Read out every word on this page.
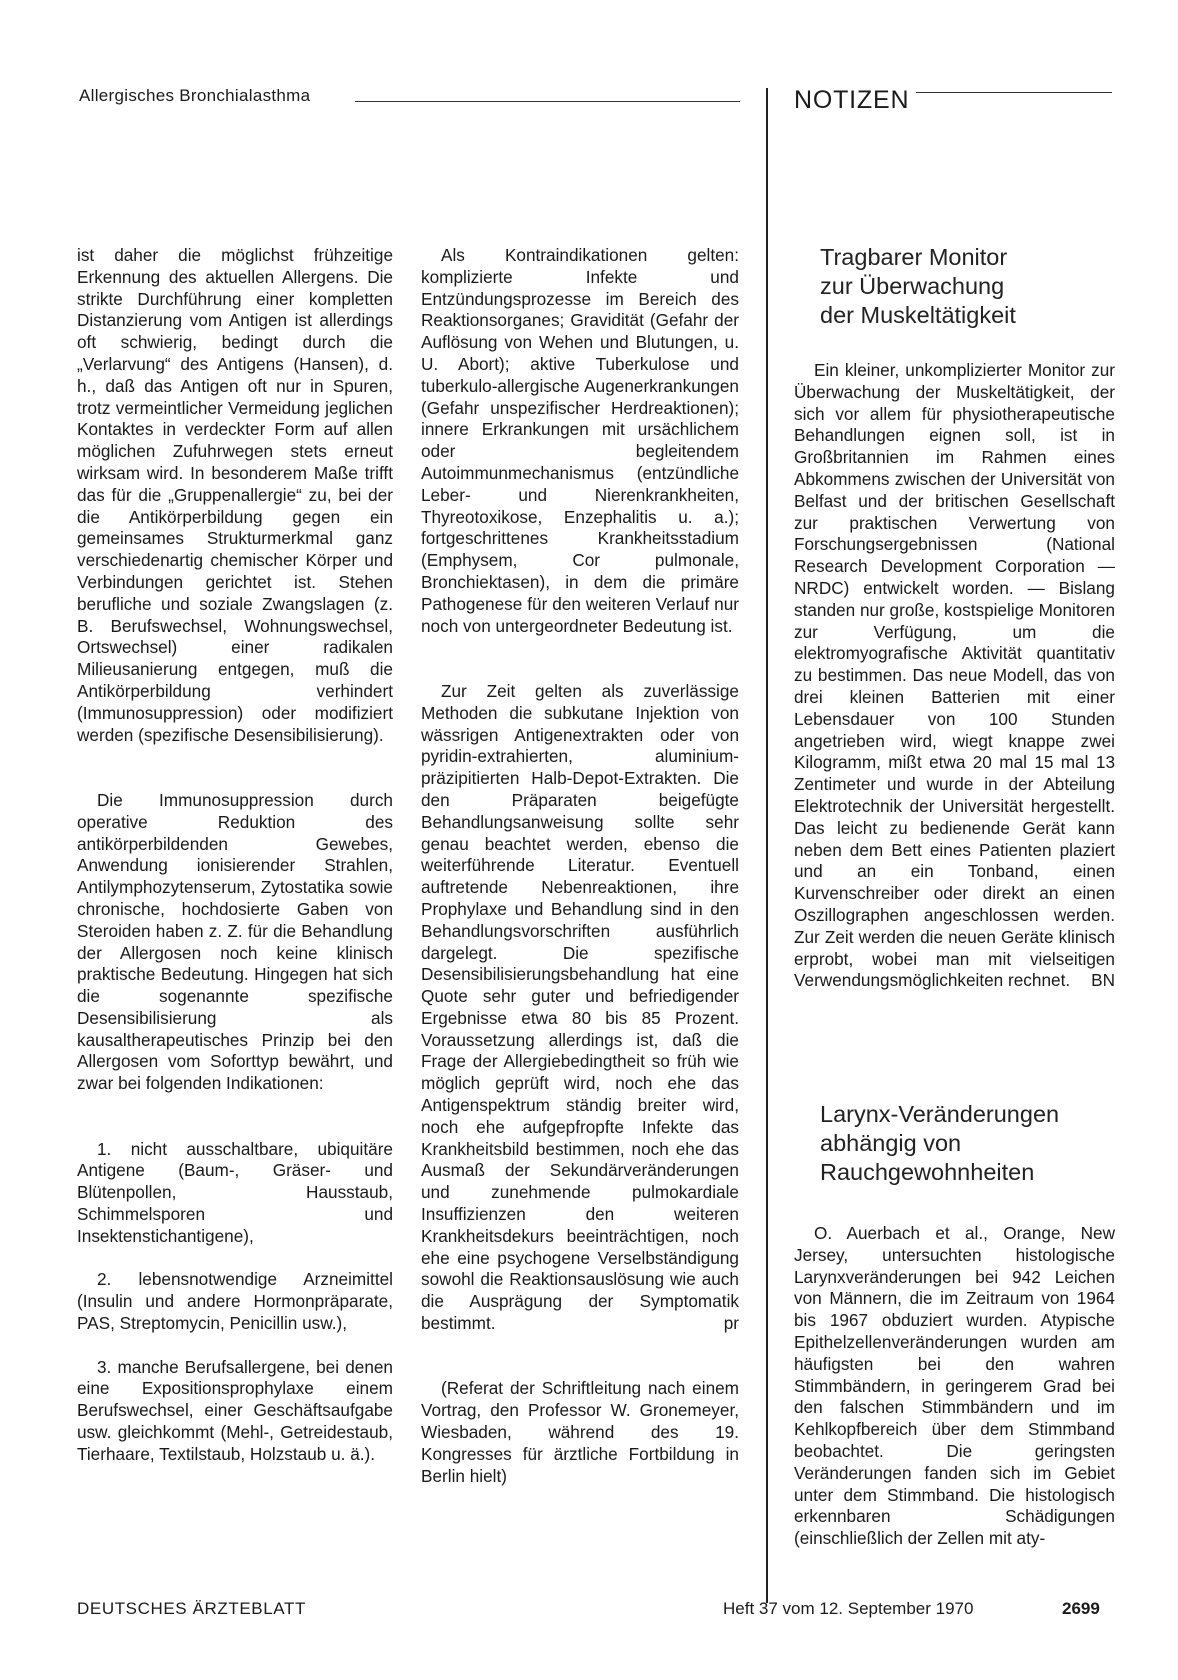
Allergisches Bronchialasthma	NOTIZEN

ist daher die möglichst frühzeitige Erkennung des aktuellen Allergens. Die strikte Durchführung einer kompletten Distanzierung vom Antigen ist allerdings oft schwierig, bedingt durch die „Verlarvung“ des Antigens (Hansen), d. h., daß das Antigen oft nur in Spuren, trotz vermeintlicher Vermeidung jeglichen Kontaktes in verdeckter Form auf allen möglichen Zufuhrwegen stets erneut wirksam wird. In besonderem Maße trifft das für die „Gruppenallergie“ zu, bei der die Antikörperbildung gegen ein gemeinsames Strukturmerkmal ganz verschiedenartig chemischer Körper und Verbindungen gerichtet ist. Stehen berufliche und soziale Zwangslagen (z. B. Berufswechsel, Wohnungswechsel, Ortswechsel) einer radikalen Milieusanierung entgegen, muß die Antikörperbildung verhindert (Immunosuppression) oder modifiziert werden (spezifische Desensibilisierung).

Die Immunosuppression durch operative Reduktion des antikörperbildenden Gewebes, Anwendung ionisierender Strahlen, Antilymphozytenserum, Zytostatika sowie chronische, hochdosierte Gaben von Steroiden haben z. Z. für die Behandlung der Allergosen noch keine klinisch praktische Bedeutung. Hingegen hat sich die sogenannte spezifische Desensibilisierung als kausaltherapeutisches Prinzip bei den Allergosen vom Soforttyp bewährt, und zwar bei folgenden Indikationen:

1. nicht ausschaltbare, ubiquitäre Antigene (Baum-, Gräser- und Blütenpollen, Hausstaub, Schimmelsporen und Insektenstichantigene),

2. lebensnotwendige Arzneimittel (Insulin und andere Hormonpräparate, PAS, Streptomycin, Penicillin usw.),

3. manche Berufsallergene, bei denen eine Expositionsprophylaxe einem Berufswechsel, einer Geschäftsaufgabe usw. gleichkommt (Mehl-, Getreidestaub, Tierhaare, Textilstaub, Holzstaub u. ä.).

Als Kontraindikationen gelten: komplizierte Infekte und Entzündungsprozesse im Bereich des Reaktionsorganes; Gravidität (Gefahr der Auflösung von Wehen und Blutungen, u. U. Abort); aktive Tuberkulose und tuberkulo-allergische Augenerkrankungen (Gefahr unspezifischer Herdreaktionen); innere Erkrankungen mit ursächlichem oder begleitendem Autoimmunmechanismus (entzündliche Leber- und Nierenkrankheiten, Thyreotoxikose, Enzephalitis u. a.); fortgeschrittenes Krankheitsstadium (Emphysem, Cor pulmonale, Bronchiektasen), in dem die primäre Pathogenese für den weiteren Verlauf nur noch von untergeordneter Bedeutung ist.

Zur Zeit gelten als zuverlässige Methoden die subkutane Injektion von wässrigen Antigenextrakten oder von pyridin-extrahierten, aluminium-präzipitierten Halb-Depot-Extrakten. Die den Präparaten beigefügte Behandlungsanweisung sollte sehr genau beachtet werden, ebenso die weiterführende Literatur. Eventuell auftretende Nebenreaktionen, ihre Prophylaxe und Behandlung sind in den Behandlungsvorschriften ausführlich dargelegt. Die spezifische Desensibilisierungsbehandlung hat eine Quote sehr guter und befriedigender Ergebnisse etwa 80 bis 85 Prozent. Voraussetzung allerdings ist, daß die Frage der Allergiebedingtheit so früh wie möglich geprüft wird, noch ehe das Antigenspektrum ständig breiter wird, noch ehe aufgepfropfte Infekte das Krankheitsbild bestimmen, noch ehe das Ausmaß der Sekundärveränderungen und zunehmende pulmokardiale Insuffizienzen den weiteren Krankheitsdekurs beeinträchtigen, noch ehe eine psychogene Verselbständigung sowohl die Reaktionsauslösung wie auch die Ausprägung der Symptomatik bestimmt.	pr

(Referat der Schriftleitung nach einem Vortrag, den Professor W. Gronemeyer, Wiesbaden, während des 19. Kongresses für ärztliche Fortbildung in Berlin hielt)

Tragbarer Monitor
zur Überwachung
der Muskeltätigkeit

Ein kleiner, unkomplizierter Monitor zur Überwachung der Muskeltätigkeit, der sich vor allem für physiotherapeutische Behandlungen eignen soll, ist in Großbritannien im Rahmen eines Abkommens zwischen der Universität von Belfast und der britischen Gesellschaft zur praktischen Verwertung von Forschungsergebnissen (National Research Development Corporation — NRDC) entwickelt worden. — Bislang standen nur große, kostspielige Monitoren zur Verfügung, um die elektromyografische Aktivität quantitativ zu bestimmen. Das neue Modell, das von drei kleinen Batterien mit einer Lebensdauer von 100 Stunden angetrieben wird, wiegt knappe zwei Kilogramm, mißt etwa 20 mal 15 mal 13 Zentimeter und wurde in der Abteilung Elektrotechnik der Universität hergestellt. Das leicht zu bedienende Gerät kann neben dem Bett eines Patienten plaziert und an ein Tonband, einen Kurvenschreiber oder direkt an einen Oszillographen angeschlossen werden. Zur Zeit werden die neuen Geräte klinisch erprobt, wobei man mit vielseitigen Verwendungsmöglichkeiten rechnet.	BN

Larynx-Veränderungen
abhängig von
Rauchgewohnheiten

O. Auerbach et al., Orange, New Jersey, untersuchten histologische Larynxveränderungen bei 942 Leichen von Männern, die im Zeitraum von 1964 bis 1967 obduziert wurden. Atypische Epithelzellenveränderungen wurden am häufigsten bei den wahren Stimmbändern, in geringerem Grad bei den falschen Stimmbändern und im Kehlkopfbereich über dem Stimmband beobachtet. Die geringsten Veränderungen fanden sich im Gebiet unter dem Stimmband. Die histologisch erkennbaren Schädigungen (einschließlich der Zellen mit aty-

DEUTSCHES ÄRZTEBLATT	Heft 37 vom 12. September 1970	2699
